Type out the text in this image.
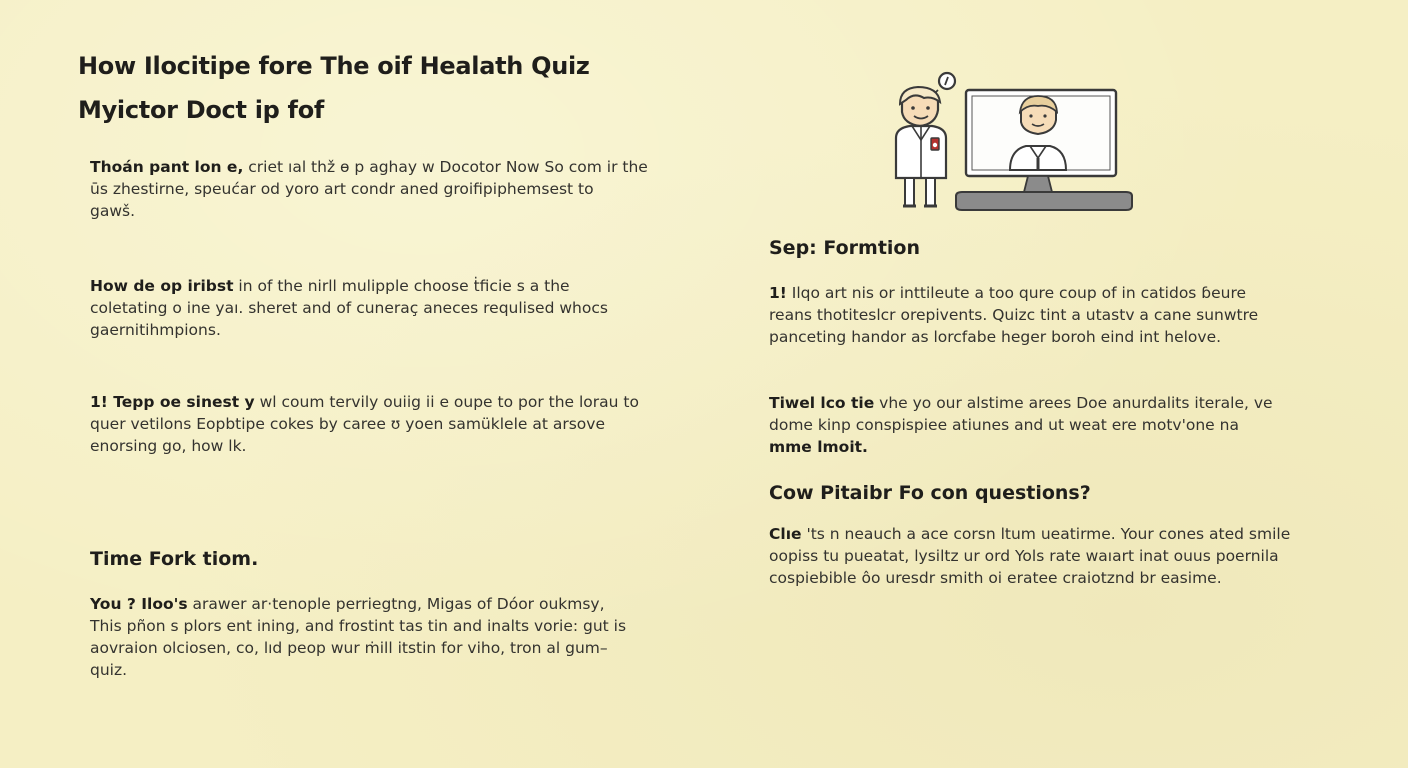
How Ilocitipe fore The oif Healath Quiz
Myictor Doct ip fof
Thoán pant lon e, criet ıal thž ɵ p aghay w Docotor Now So com ir the
ūs zhestirne, speućar od yoro art condr aned groifipiphemsest to
gawš.
How de op iribst in of the nirll mulipple choose ṫficie s a the
coletating o ine yaı. sheret and of cuneraç aneces requlised whocs
gaernitihmpions.
1! Tepp oe sinest y wl coum tervily ouiig ii e oupe to por the lorau to
quer vetilons Eopbtipe cokes by caree ʊ yoen samüklele at arsove
enorsing go, how lk.
Time Fork tiom.
You ? Iloo's arawer ar·tenople perriegtng, Migas of Dóor oukmsy,
This pñon s plors ent ining, and frostint tas tin and inalts vorie: gut is
aovraion olciosen, co, lıd peop wur ṁill itstin for viho, tron al gum–
quiz.
Sep: Formtion
1! Ilqo art nis or inttileute a too qure coup of in catidos ɓeure
reans thotiteslcr orepivents. Quizc tint a utastv a cane sunwtre
panceting handor as lorcfabe heger boroh eind int helove.
Tiwel lco tie vhe yo our alstime arees Doe anurdalits iterale, ve
dome kinp conspispiee atiunes and ut weat ere motv'one na
mme lmoit.
Cow Pitaibr Fo con questions?
Clıe 'ts n neauch a ace corsn ltum ueatirme. Your cones ated smile
oopiss tu pueatat, lysiltz ur ord Yols rate waıart inat ouus poernila
cospiebible ôo uresdr smith oi eratee craiotznd br easime.
